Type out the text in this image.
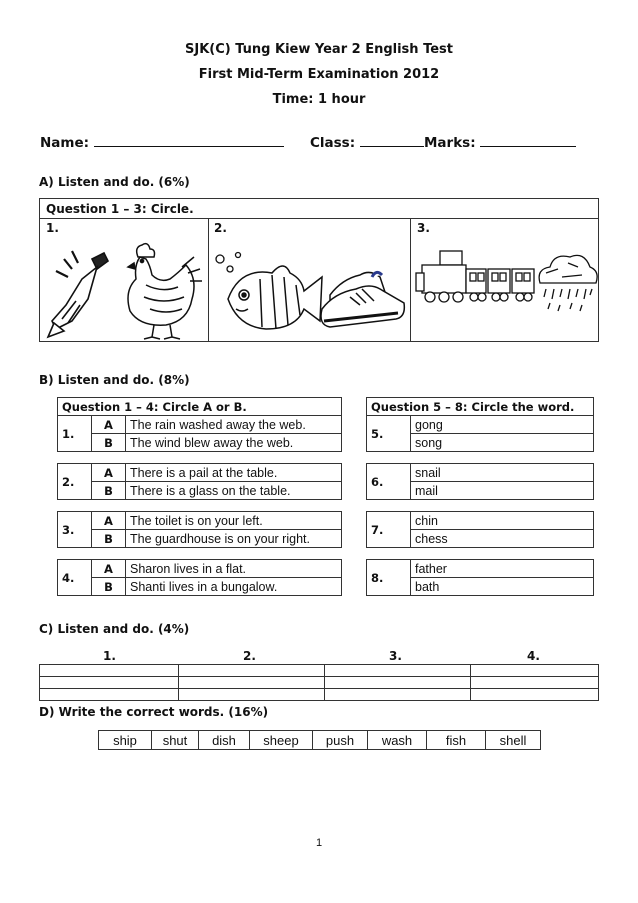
SJK(C) Tung Kiew Year 2 English Test
First Mid-Term Examination 2012
Time: 1 hour
Name:	Class:	Marks:
A) Listen and do. (6%)
Question 1 – 3: Circle.
1.	2.	3.
B) Listen and do. (8%)
Question 1 – 4: Circle A or B.		
1.	A	The rain washed away the web.
	B	The wind blew away the web.

2.	A	There is a pail at the table.
	B	There is a glass on the table.

3.	A	The toilet is on your left.
	B	The guardhouse is on your right.

4.	A	Sharon lives in a flat.
	B	Shanti lives in a bungalow.
Question 5 – 8: Circle the word.	
5.	gong
	song

6.	snail
	mail

7.	chin
	chess

8.	father
	bath
C) Listen and do. (4%)
1.	2.	3.	4.

D) Write the correct words. (16%)
ship	shut	dish	sheep	push	wash	fish	shell
1
